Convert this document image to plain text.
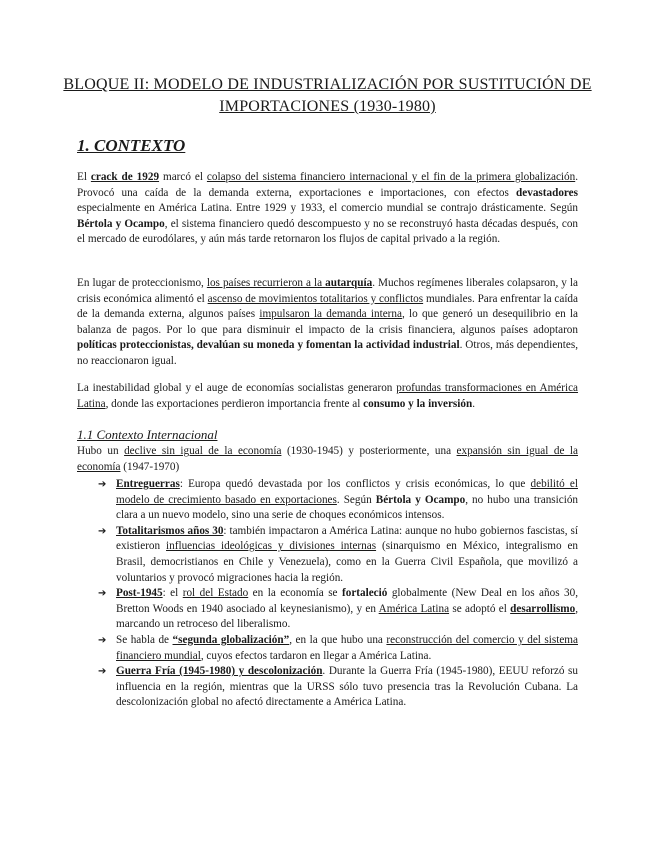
BLOQUE II: MODELO DE INDUSTRIALIZACIÓN POR SUSTITUCIÓN DE IMPORTACIONES (1930-1980)
1. CONTEXTO

El crack de 1929 marcó el colapso del sistema financiero internacional y el fin de la primera globalización. Provocó una caída de la demanda externa, exportaciones e importaciones, con efectos devastadores especialmente en América Latina. Entre 1929 y 1933, el comercio mundial se contrajo drásticamente. Según Bértola y Ocampo, el sistema financiero quedó descompuesto y no se reconstruyó hasta décadas después, con el mercado de eurodólares, y aún más tarde retornaron los flujos de capital privado a la región.

En lugar de proteccionismo, los países recurrieron a la autarquía. Muchos regímenes liberales colapsaron, y la crisis económica alimentó el ascenso de movimientos totalitarios y conflictos mundiales. Para enfrentar la caída de la demanda externa, algunos países impulsaron la demanda interna, lo que generó un desequilibrio en la balanza de pagos. Por lo que para disminuir el impacto de la crisis financiera, algunos países adoptaron políticas proteccionistas, devalúan su moneda y fomentan la actividad industrial. Otros, más dependientes, no reaccionaron igual.

La inestabilidad global y el auge de economías socialistas generaron profundas transformaciones en América Latina, donde las exportaciones perdieron importancia frente al consumo y la inversión.

1.1 Contexto Internacional

Hubo un declive sin igual de la economía (1930-1945) y posteriormente, una expansión sin igual de la economía (1947-1970)

➔ Entreguerras: Europa quedó devastada por los conflictos y crisis económicas, lo que debilitó el modelo de crecimiento basado en exportaciones. Según Bértola y Ocampo, no hubo una transición clara a un nuevo modelo, sino una serie de choques económicos intensos.
➔ Totalitarismos años 30: también impactaron a América Latina: aunque no hubo gobiernos fascistas, sí existieron influencias ideológicas y divisiones internas (sinarquismo en México, integralismo en Brasil, democristianos en Chile y Venezuela), como en la Guerra Civil Española, que movilizó a voluntarios y provocó migraciones hacia la región.
➔ Post-1945: el rol del Estado en la economía se fortaleció globalmente (New Deal en los años 30, Bretton Woods en 1940 asociado al keynesianismo), y en América Latina se adoptó el desarrollismo, marcando un retroceso del liberalismo.
➔ Se habla de “segunda globalización”, en la que hubo una reconstrucción del comercio y del sistema financiero mundial, cuyos efectos tardaron en llegar a América Latina.
➔ Guerra Fría (1945-1980) y descolonización. Durante la Guerra Fría (1945-1980), EEUU reforzó su influencia en la región, mientras que la URSS sólo tuvo presencia tras la Revolución Cubana. La descolonización global no afectó directamente a América Latina.
